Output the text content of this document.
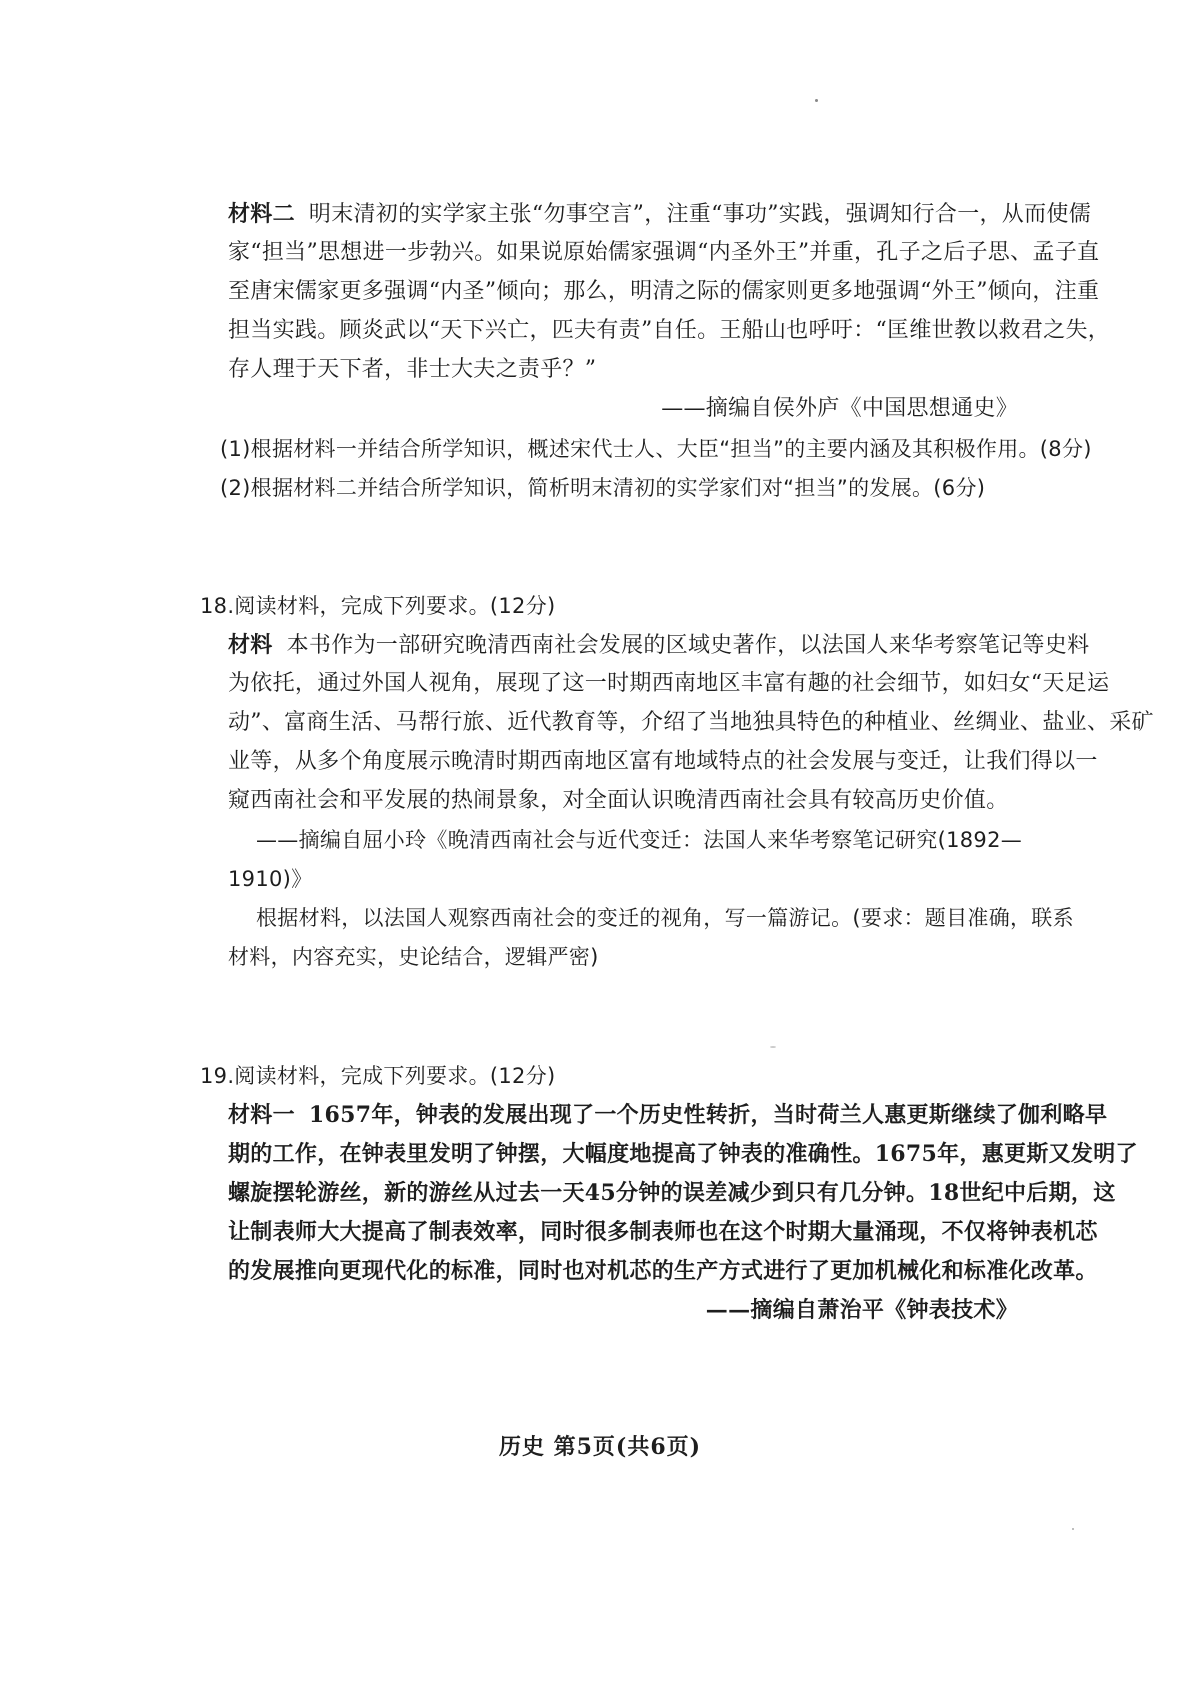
材料二 明末清初的实学家主张“勿事空言”，注重“事功”实践，强调知行合一，从而使儒
家“担当”思想进一步勃兴。如果说原始儒家强调“内圣外王”并重，孔子之后子思、孟子直
至唐宋儒家更多强调“内圣”倾向；那么，明清之际的儒家则更多地强调“外王”倾向，注重
担当实践。顾炎武以“天下兴亡，匹夫有责”自任。王船山也呼吁：“匡维世教以救君之失，
存人理于天下者，非士大夫之责乎？”
——摘编自侯外庐《中国思想通史》
(1)根据材料一并结合所学知识，概述宋代士人、大臣“担当”的主要内涵及其积极作用。(8分)
(2)根据材料二并结合所学知识，简析明末清初的实学家们对“担当”的发展。(6分)
18.阅读材料，完成下列要求。(12分)
材料 本书作为一部研究晚清西南社会发展的区域史著作，以法国人来华考察笔记等史料
为依托，通过外国人视角，展现了这一时期西南地区丰富有趣的社会细节，如妇女“天足运
动”、富商生活、马帮行旅、近代教育等，介绍了当地独具特色的种植业、丝绸业、盐业、采矿
业等，从多个角度展示晚清时期西南地区富有地域特点的社会发展与变迁，让我们得以一
窥西南社会和平发展的热闹景象，对全面认识晚清西南社会具有较高历史价值。
——摘编自屈小玲《晚清西南社会与近代变迁：法国人来华考察笔记研究(1892—
1910)》
根据材料，以法国人观察西南社会的变迁的视角，写一篇游记。(要求：题目准确，联系
材料，内容充实，史论结合，逻辑严密)
19.阅读材料，完成下列要求。(12分)
材料一 1657年，钟表的发展出现了一个历史性转折，当时荷兰人惠更斯继续了伽利略早
期的工作，在钟表里发明了钟摆，大幅度地提高了钟表的准确性。1675年，惠更斯又发明了
螺旋摆轮游丝，新的游丝从过去一天45分钟的误差减少到只有几分钟。18世纪中后期，这
让制表师大大提高了制表效率，同时很多制表师也在这个时期大量涌现，不仅将钟表机芯
的发展推向更现代化的标准，同时也对机芯的生产方式进行了更加机械化和标准化改革。
——摘编自萧治平《钟表技术》
历史 第5页(共6页)
